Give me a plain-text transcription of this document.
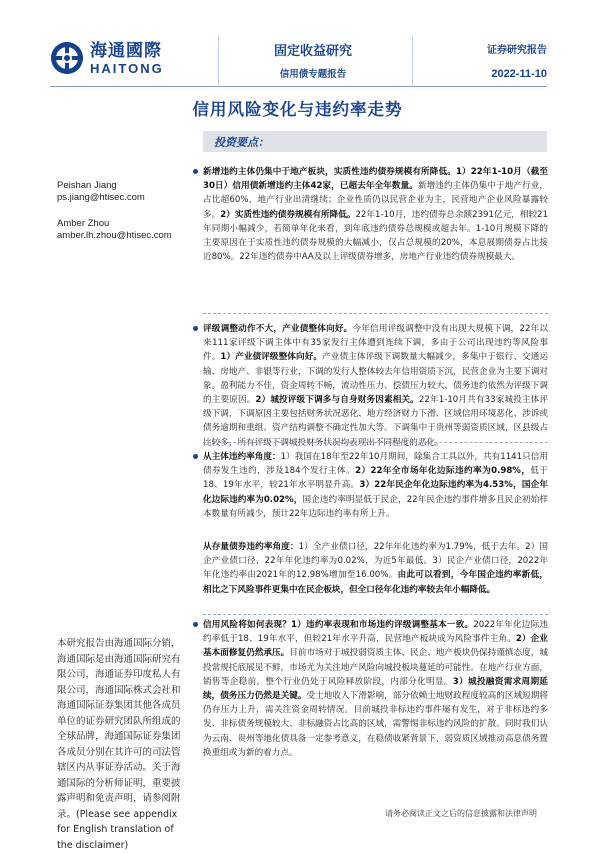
海通國際
HAITONG
固定收益研究
信用债专题报告
证券研究报告
2022-11-10
信用风险变化与违约率走势
Peishan Jiang
ps.jiang@htisec.com
Amber Zhou
amber.lh.zhou@htisec.com
本研究报告由海通国际分销，海通国际是由海通国际研究有限公司，海通证券印度私人有限公司，海通国际株式会社和海通国际证券集团其他各成员单位的证券研究团队所组成的全球品牌，海通国际证券集团各成员分别在其许可的司法管辖区内从事证券活动。关于海通国际的分析师证明，重要披露声明和免责声明，请参阅附录。(Please see appendix for English translation of the disclaimer)
投资要点：
新增违约主体仍集中于地产板块，实质性违约债券规模有所降低。1）22年1-10月（截至30日）信用债新增违约主体42家，已超去年全年数量。新增违约主体仍集中于地产行业，占比超60%，地产行业出清继续；企业性质仍以民营企业为主，民营地产企业风险暴露较多。2）实质性违约债券规模有所降低。22年1-10月，违约债券总余额2391亿元，相较21年同期小幅减少，若简单年化来看，到年底违约债券总规模或超去年。1-10月规模下降的主要原因在于实质性违约债券规模的大幅减小，仅占总规模的20%，本息展期债券占比接近80%。22年违约债券中AA及以上评级债券增多，房地产行业违约债券规模最大。
评级调整动作不大，产业债整体向好。今年信用评级调整中没有出现大规模下调，22年以来111家评级下调主体中有35家发行主体遭到连续下调，多由于公司出现违约等风险事件。1）产业债评级整体向好。产业债主体评级下调数量大幅减少，多集中于银行、交通运输、房地产、非银等行业，下调的发行人整体较去年信用资质下沉，民营企业为主要下调对象。盈利能力不佳，资金周转不畅，流动性压力、偿债压力较大，债务违约依然为评级下调的主要原因。2）城投评级下调多与自身财务因素相关。22年1-10月共有33家城投主体评级下调，下调原因主要包括财务状况恶化、地方经济财力下滑、区域信用环境恶化、涉诉或债务逾期和重组、资产结构调整不确定性加大等。下调集中于贵州等弱资质区域，区县级占比较多，所有评级下调城投财务状况均表现出不同程度的恶化。
从主体违约率角度：1）我国在18年至22年10月期间，除集合工具以外，共有1141只信用债券发生违约，涉及184个发行主体。2）22年全市场年化边际违约率为0.98%，低于18、19年水平，较21年水平明显升高。3）22年民企年化边际违约率为4.53%，国企年化边际违约率为0.02%，国企违约率明显低于民企，22年民企违约事件增多且民企初始样本数量有所减少，预计22年边际违约率有所上升。
从存量债券违约率角度：1）全产业债口径，22年年化违约率为1.79%，低于去年。2）国企产业债口径，22年年化违约率为0.02%，为近5年最低。3）民企产业债口径，2022年年化违约率由2021年的12.98%增加至16.00%。由此可以看到，今年国企违约率新低，相比之下风险事件更集中在民企板块，但全口径年化违约率较去年小幅降低。
信用风险将如何表现？1）违约率表现和市场违约评级调整基本一致。2022年年化边际违约率低于18、19年水平，但较21年水平升高，民营地产板块成为风险事件主角。2）企业基本面修复仍然承压。目前市场对于城投弱资质主体、民企、地产板块仍保持谨慎态度，城投常规托底展见不鲜，市场尤为关注地产风险向城投板块蔓延的可能性。在地产行业方面，销售等企稳前，整个行业仍处于风险释放阶段，内部分化明显。3）城投融资需求周期延续，债务压力仍然是关键。受土地收入下滑影响，部分依赖土地财政程度较高的区域短期将仍存压力上升，需关注资金周转情况。目前城投非标违约事件屡有发生，对于非标违约多发、非标债务规模较大、非标融资占比高的区域，需警惕非标违约风险的扩散。同时我们认为云南、贵州等地化债具备一定参考意义，在稳债收紧背景下，弱资质区域推动高息债务置换重组或为新的着力点。
请务必阅读正文之后的信息披露和法律声明
